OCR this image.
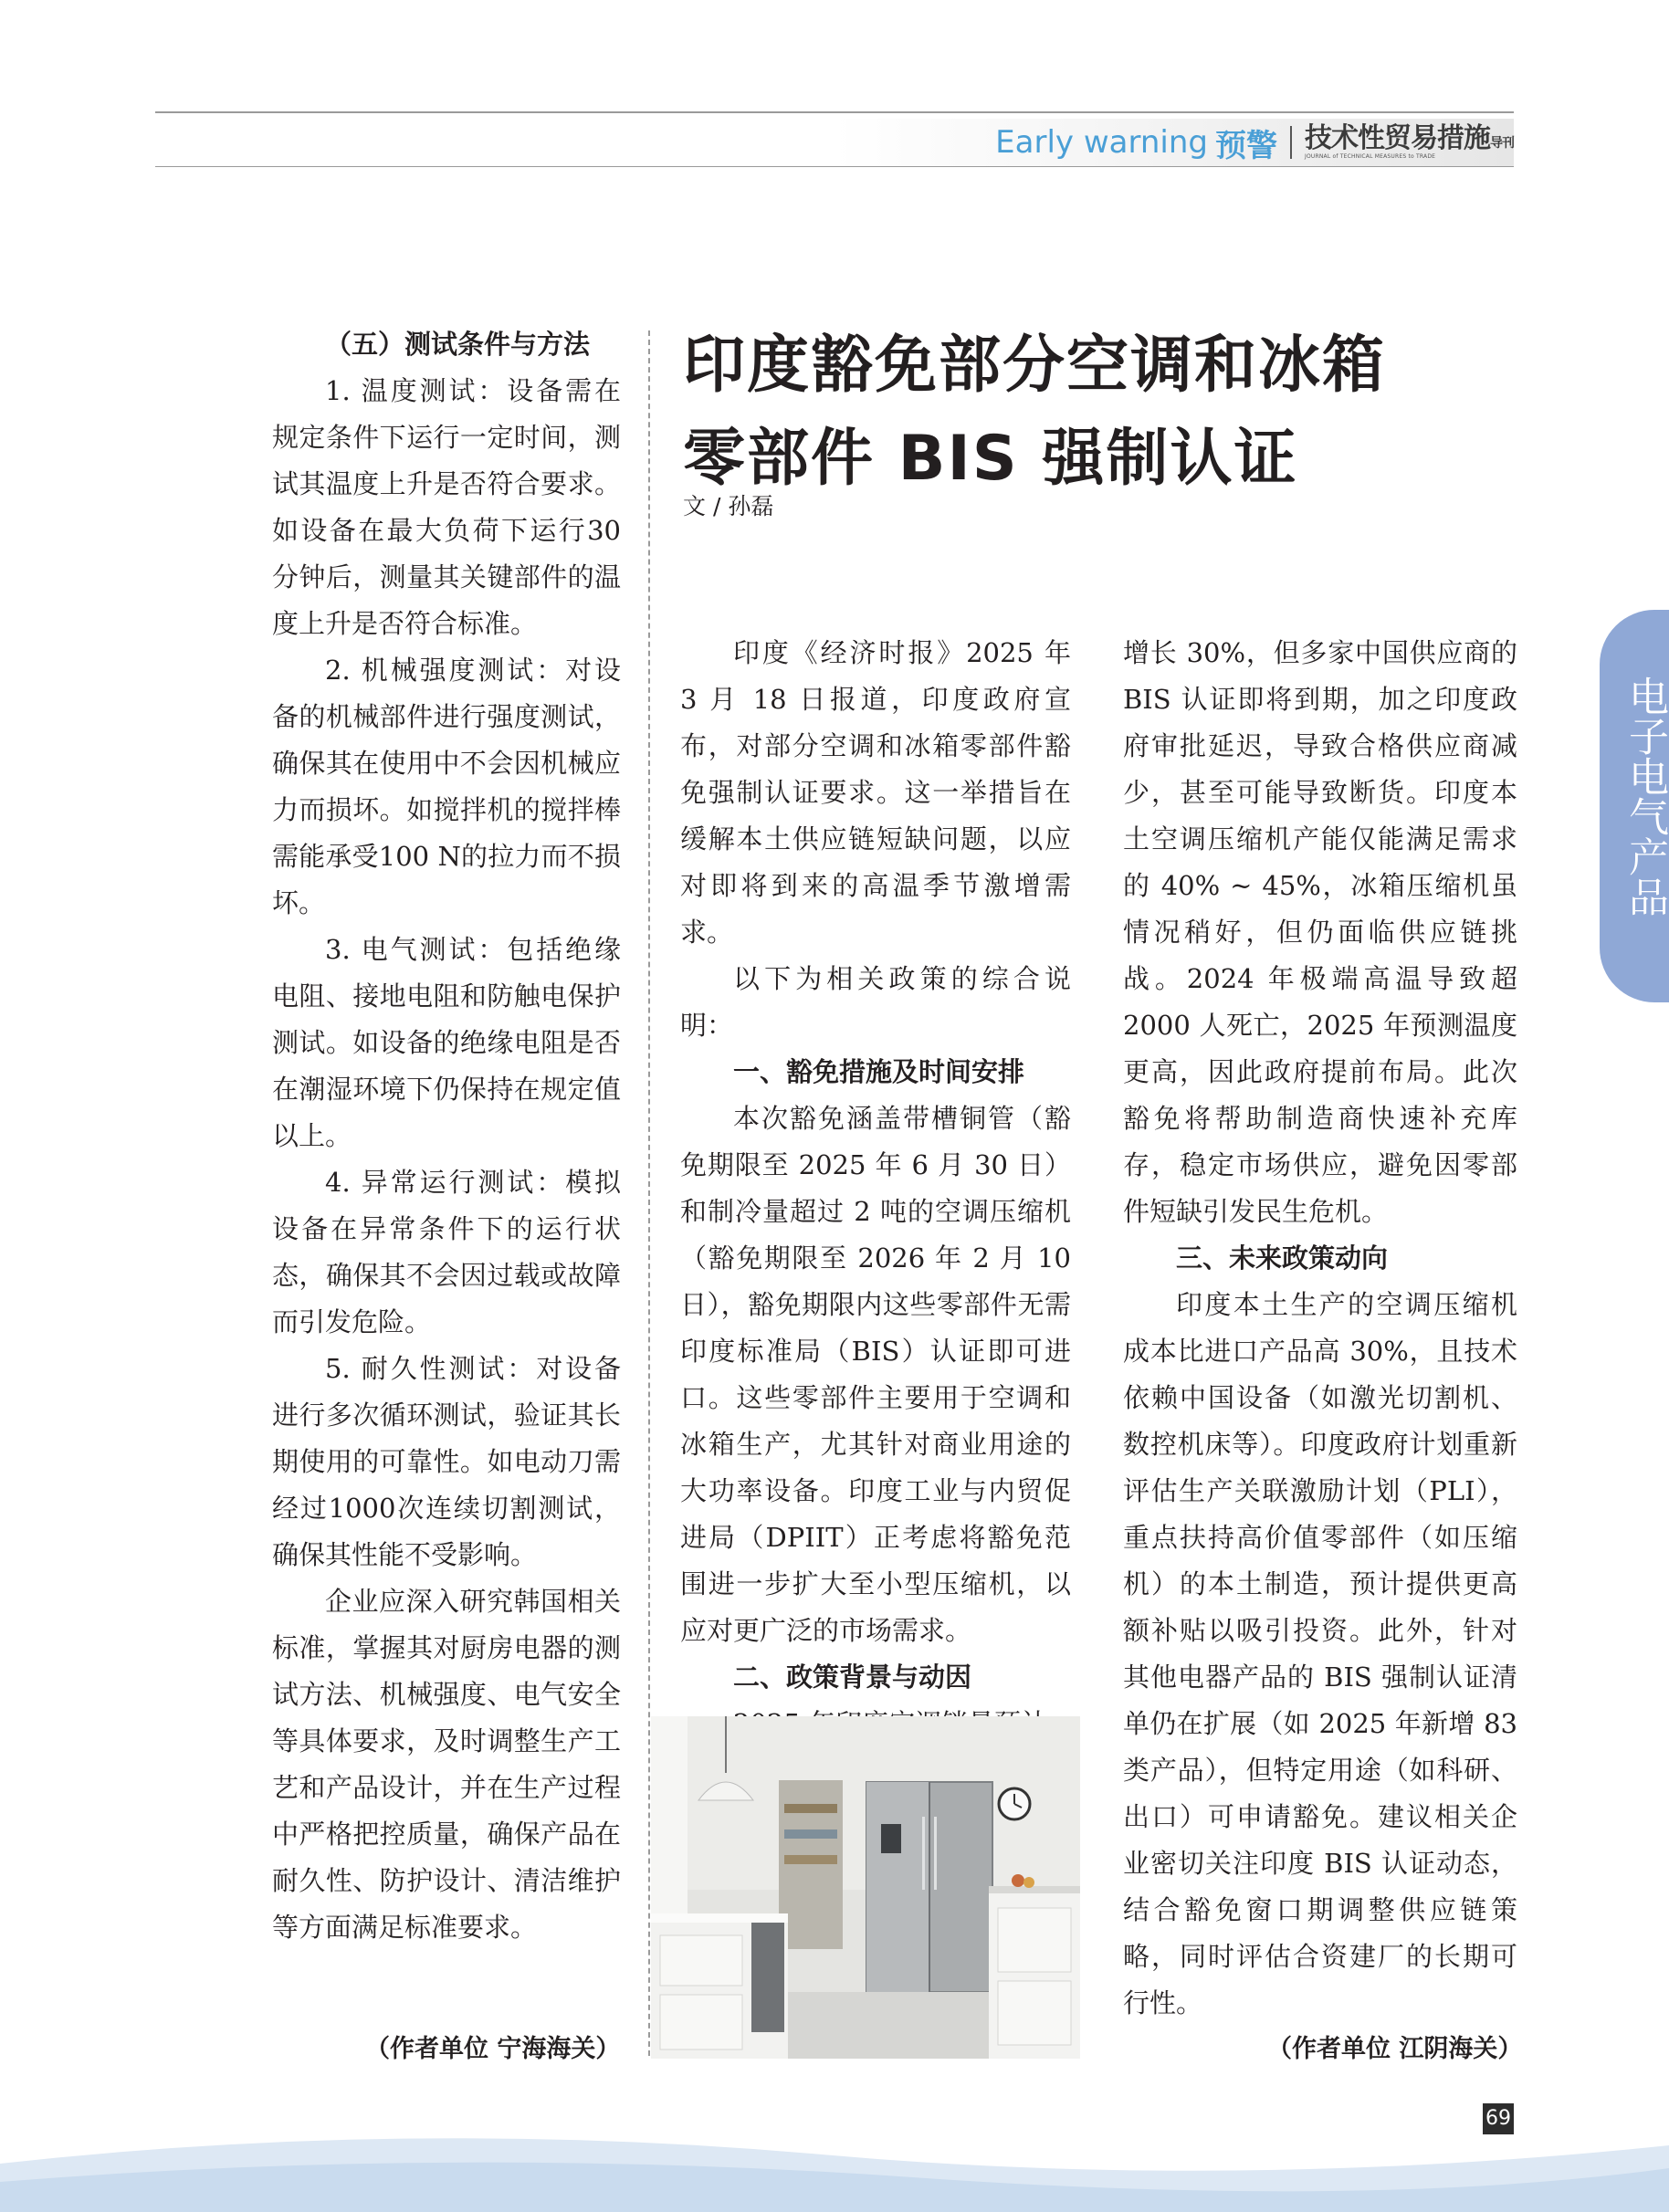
Early warning 预警 技术性贸易措施导刊
JOURNAL of TECHNICAL MEASURES to TRADE
（五）测试条件与方法

1. 温度测试：设备需在规定条件下运行一定时间，测试其温度上升是否符合要求。如设备在最大负荷下运行30分钟后，测量其关键部件的温度上升是否符合标准。

2. 机械强度测试：对设备的机械部件进行强度测试，确保其在使用中不会因机械应力而损坏。如搅拌机的搅拌棒需能承受100 N的拉力而不损坏。

3. 电气测试：包括绝缘电阻、接地电阻和防触电保护测试。如设备的绝缘电阻是否在潮湿环境下仍保持在规定值以上。

4. 异常运行测试：模拟设备在异常条件下的运行状态，确保其不会因过载或故障而引发危险。

5. 耐久性测试：对设备进行多次循环测试，验证其长期使用的可靠性。如电动刀需经过1000次连续切割测试，确保其性能不受影响。

企业应深入研究韩国相关标准，掌握其对厨房电器的测试方法、机械强度、电气安全等具体要求，及时调整生产工艺和产品设计，并在生产过程中严格把控质量，确保产品在耐久性、防护设计、清洁维护等方面满足标准要求。

（作者单位 宁海海关）
印度豁免部分空调和冰箱
零部件 BIS 强制认证
文 / 孙磊

印度《经济时报》2025 年 3 月 18 日报道，印度政府宣布，对部分空调和冰箱零部件豁免强制认证要求。这一举措旨在缓解本土供应链短缺问题，以应对即将到来的高温季节激增需求。

以下为相关政策的综合说明：

一、豁免措施及时间安排

本次豁免涵盖带槽铜管（豁免期限至 2025 年 6 月 30 日）和制冷量超过 2 吨的空调压缩机（豁免期限至 2026 年 2 月 10 日），豁免期限内这些零部件无需印度标准局（BIS）认证即可进口。这些零部件主要用于空调和冰箱生产，尤其针对商业用途的大功率设备。印度工业与内贸促进局（DPIIT）正考虑将豁免范围进一步扩大至小型压缩机，以应对更广泛的市场需求。

二、政策背景与动因

增长 30%，但多家中国供应商的 BIS 认证即将到期，加之印度政府审批延迟，导致合格供应商减少，甚至可能导致断货。印度本土空调压缩机产能仅能满足需求的 40% ~ 45%，冰箱压缩机虽情况稍好，但仍面临供应链挑战。2024 年极端高温导致超 2000 人死亡，2025 年预测温度更高，因此政府提前布局。此次豁免将帮助制造商快速补充库存，稳定市场供应，避免因零部件短缺引发民生危机。

三、未来政策动向

印度本土生产的空调压缩机成本比进口产品高 30%，且技术依赖中国设备（如激光切割机、数控机床等）。印度政府计划重新评估生产关联激励计划（PLI），重点扶持高价值零部件（如压缩机）的本土制造，预计提供更高额补贴以吸引投资。此外，针对其他电器产品的 BIS 强制认证清单仍在扩展（如 2025 年新增 83 类产品），但特定用途（如科研、出口）可申请豁免。建议相关企业密切关注印度 BIS 认证动态，结合豁免窗口期调整供应链策略，同时评估合资建厂的长期可行性。

（作者单位 江阴海关）
电子电气产品
69
